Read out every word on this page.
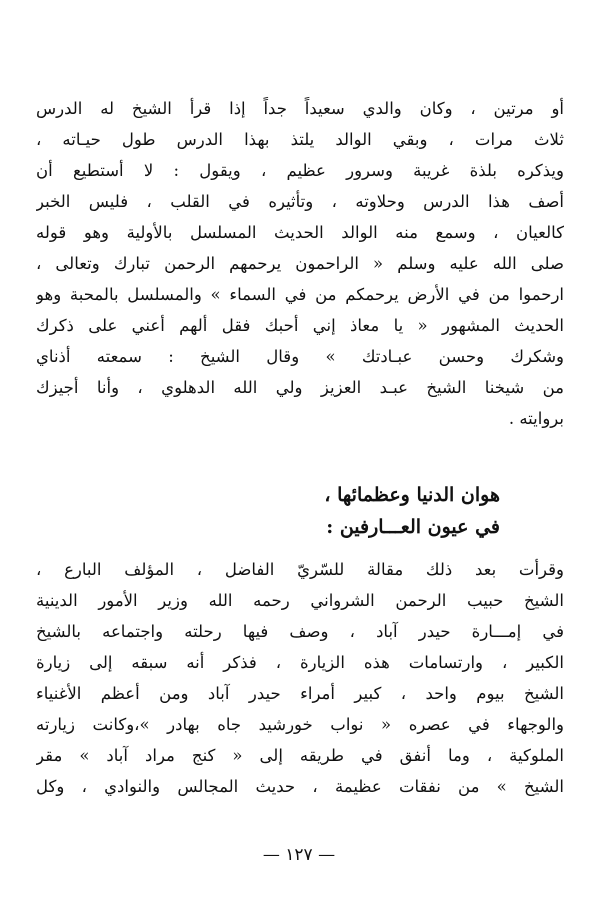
أو مرتين ، وكان والدي سعيداً جداً إذا قرأ الشيخ له الدرس
ثلاث مرات ، وبقي الوالد يلتذ بهذا الدرس طول حيـاته ،
ويذكره بلذة غريبة وسرور عظيم ، ويقول : لا أستطيع أن
أصف هذا الدرس وحلاوته ، وتأثيره في القلب ، فليس الخبر
كالعيان ، وسمع منه الوالد الحديث المسلسل بالأولية وهو قوله
صلى الله عليه وسلم « الراحمون يرحمهم الرحمن تبارك وتعالى ،
ارحموا من في الأرض يرحمكم من في السماء » والمسلسل بالمحبة وهو
الحديث المشهور « يا معاذ إني أحبك فقل ألهم أعني على ذكرك
وشكرك وحسن عبـادتك » وقال الشيخ : سمعته أذناي
من شيخنا الشيخ عبـد العزيز ولي الله الدهلوي ، وأنا أجيزك
بروايته .
هوان الدنيا وعظمائها ،
في عيون العـــارفين :
وقرأت بعد ذلك مقالة للسّريّ الفاضل ، المؤلف البارع ،
الشيخ حبيب الرحمن الشرواني رحمه الله وزير الأمور الدينية
في إمـــارة حيدر آباد ، وصف فيها رحلته واجتماعه بالشيخ
الكبير ، وارتسامات هذه الزيارة ، فذكر أنه سبقه إلى زيارة
الشيخ بيوم واحد ، كبير أمراء حيدر آباد ومن أعظم الأغنياء
والوجهاء في عصره « نواب خورشيد جاه بهادر »،وكانت زيارته
الملوكية ، وما أنفق في طريقه إلى « كنج مراد آباد » مقر
الشيخ » من نفقات عظيمة ، حديث المجالس والنوادي ، وكل
— ١٢٧ —
